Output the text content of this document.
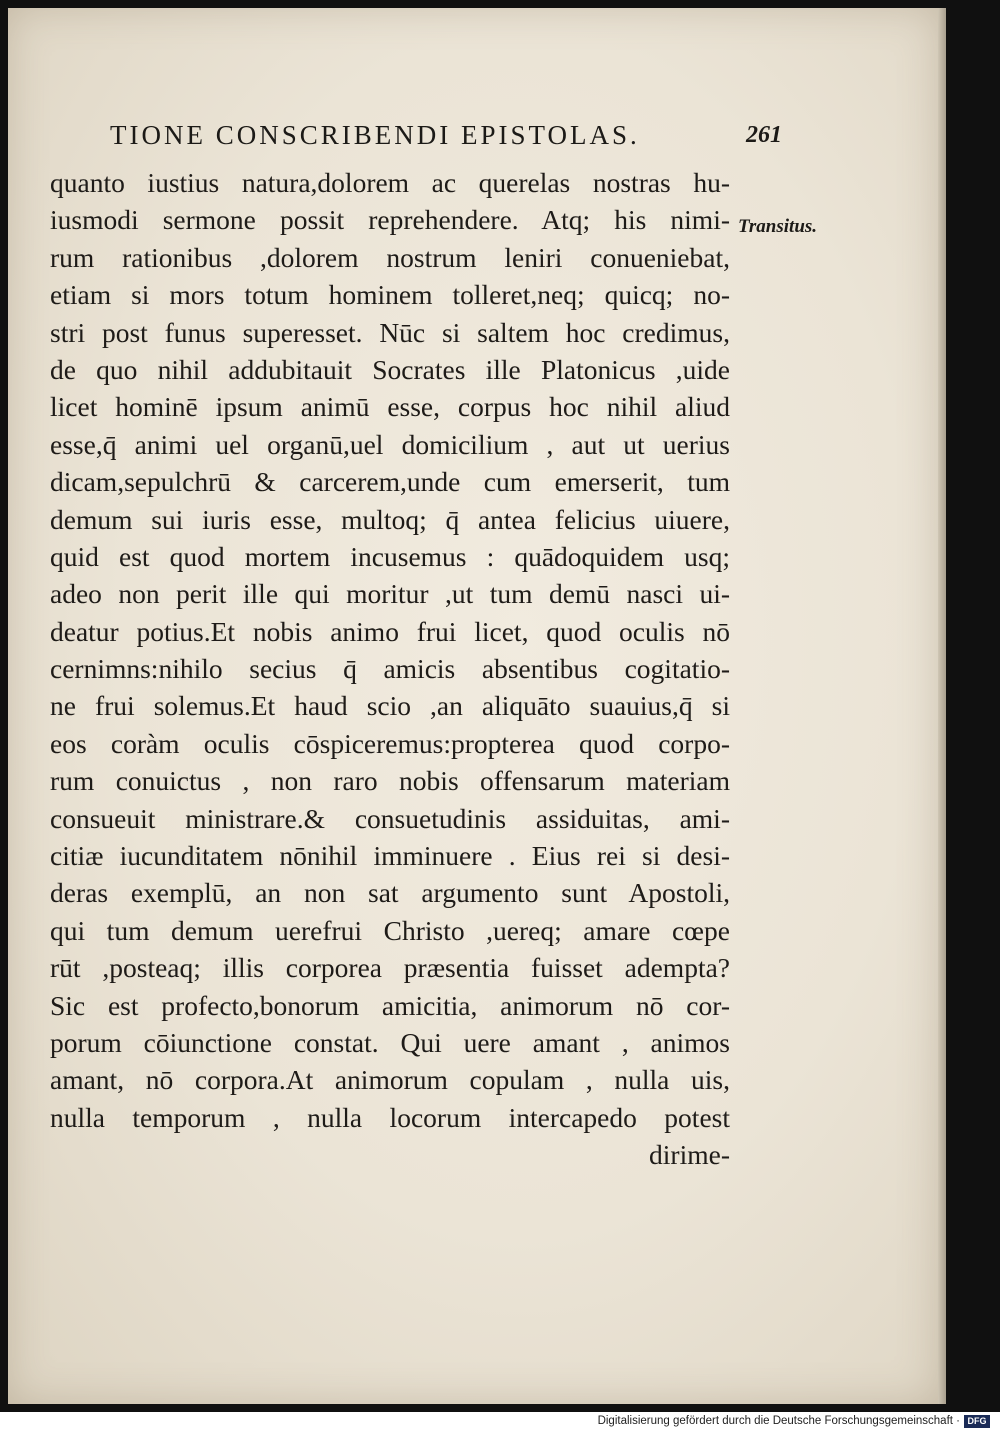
TIONE CONSCRIBENDI EPISTOLAS.	261
Transitus.
quanto iustius natura,dolorem ac querelas nostras hu-
iusmodi sermone possit reprehendere. Atq; his nimi-
rum rationibus ,dolorem nostrum leniri conueniebat,
etiam si mors totum hominem tolleret,neq; quicq; no-
stri post funus superesset. Nūc si saltem hoc credimus,
de quo nihil addubitauit Socrates ille Platonicus ,uide
licet hominē ipsum animū esse, corpus hoc nihil aliud
esse,q̄ animi uel organū,uel domicilium , aut ut uerius
dicam,sepulchrū & carcerem,unde cum emerserit, tum
demum sui iuris esse, multoq; q̄ antea felicius uiuere,
quid est quod mortem incusemus : quādoquidem usq;
adeo non perit ille qui moritur ,ut tum demū nasci ui-
deatur potius.Et nobis animo frui licet, quod oculis nō
cernimns:nihilo secius q̄ amicis absentibus cogitatio-
ne frui solemus.Et haud scio ,an aliquāto suauius,q̄ si
eos coràm oculis cōspiceremus:propterea quod corpo-
rum conuictus , non raro nobis offensarum materiam
consueuit ministrare.& consuetudinis assiduitas, ami-
citiæ iucunditatem nōnihil imminuere . Eius rei si desi-
deras exemplū, an non sat argumento sunt Apostoli,
qui tum demum uerefrui Christo ,uereq; amare cœpe
rūt ,posteaq; illis corporea præsentia fuisset adempta?
Sic est profecto,bonorum amicitia, animorum nō cor-
porum cōiunctione constat. Qui uere amant , animos
amant, nō corpora.At animorum copulam , nulla uis,
nulla temporum , nulla locorum intercapedo potest
dirime-
Digitalisierung gefördert durch die Deutsche Forschungsgemeinschaft · DFG
